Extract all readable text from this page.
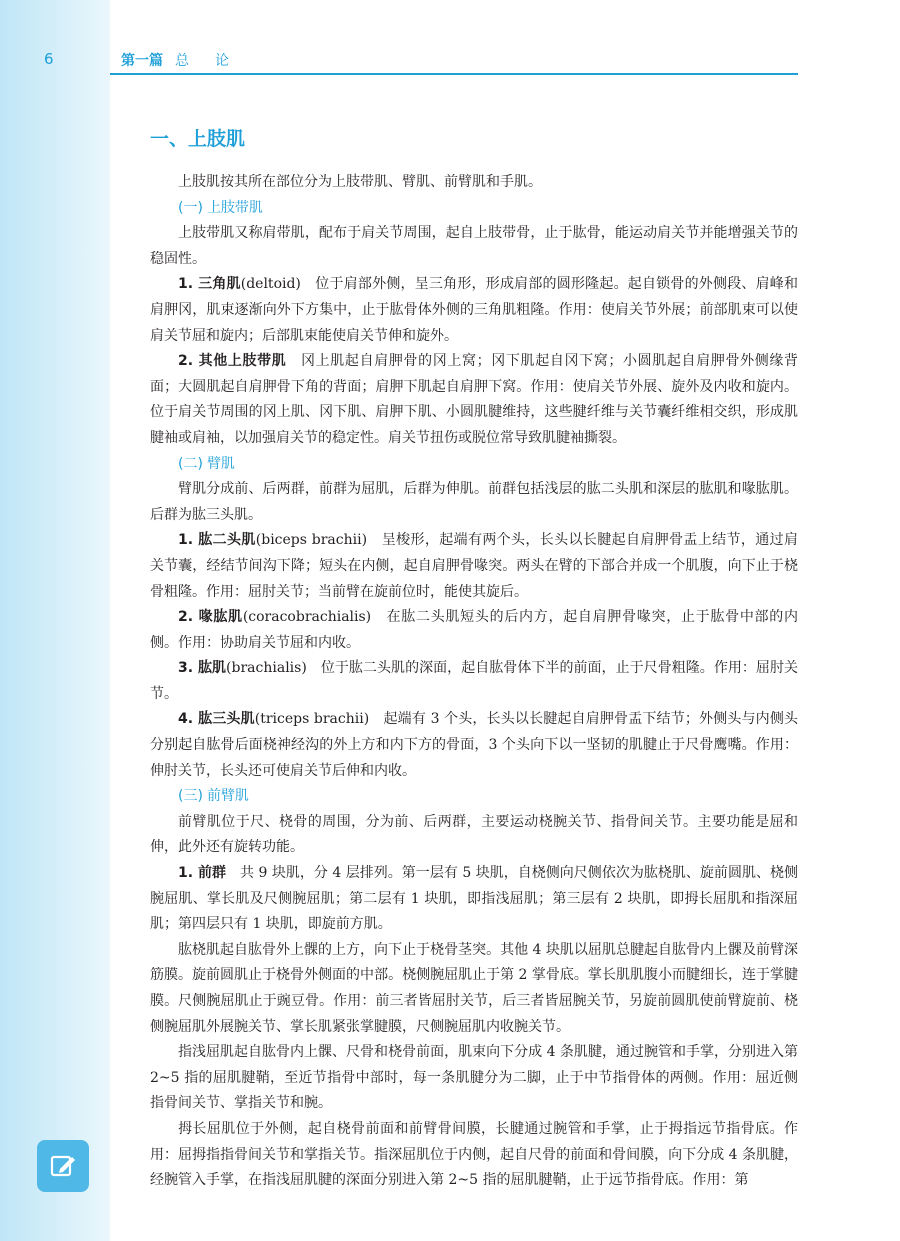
6	第一篇 总论
一、上肢肌

上肢肌按其所在部位分为上肢带肌、臂肌、前臂肌和手肌。

(一) 上肢带肌

上肢带肌又称肩带肌，配布于肩关节周围，起自上肢带骨，止于肱骨，能运动肩关节并能增强关节的稳固性。

1. 三角肌(deltoid)　位于肩部外侧，呈三角形，形成肩部的圆形隆起。起自锁骨的外侧段、肩峰和肩胛冈，肌束逐渐向外下方集中，止于肱骨体外侧的三角肌粗隆。作用：使肩关节外展；前部肌束可以使肩关节屈和旋内；后部肌束能使肩关节伸和旋外。

2. 其他上肢带肌　冈上肌起自肩胛骨的冈上窝；冈下肌起自冈下窝；小圆肌起自肩胛骨外侧缘背面；大圆肌起自肩胛骨下角的背面；肩胛下肌起自肩胛下窝。作用：使肩关节外展、旋外及内收和旋内。位于肩关节周围的冈上肌、冈下肌、肩胛下肌、小圆肌腱维持，这些腱纤维与关节囊纤维相交织，形成肌腱袖或肩袖，以加强肩关节的稳定性。肩关节扭伤或脱位常导致肌腱袖撕裂。

(二) 臂肌

臂肌分成前、后两群，前群为屈肌，后群为伸肌。前群包括浅层的肱二头肌和深层的肱肌和喙肱肌。后群为肱三头肌。

1. 肱二头肌(biceps brachii)　呈梭形，起端有两个头，长头以长腱起自肩胛骨盂上结节，通过肩关节囊，经结节间沟下降；短头在内侧，起自肩胛骨喙突。两头在臂的下部合并成一个肌腹，向下止于桡骨粗隆。作用：屈肘关节；当前臂在旋前位时，能使其旋后。

2. 喙肱肌(coracobrachialis)　在肱二头肌短头的后内方，起自肩胛骨喙突，止于肱骨中部的内侧。作用：协助肩关节屈和内收。

3. 肱肌(brachialis)　位于肱二头肌的深面，起自肱骨体下半的前面，止于尺骨粗隆。作用：屈肘关节。

4. 肱三头肌(triceps brachii)　起端有 3 个头，长头以长腱起自肩胛骨盂下结节；外侧头与内侧头分别起自肱骨后面桡神经沟的外上方和内下方的骨面，3 个头向下以一坚韧的肌腱止于尺骨鹰嘴。作用：伸肘关节，长头还可使肩关节后伸和内收。

(三) 前臂肌

前臂肌位于尺、桡骨的周围，分为前、后两群，主要运动桡腕关节、指骨间关节。主要功能是屈和伸，此外还有旋转功能。

1. 前群　共 9 块肌，分 4 层排列。第一层有 5 块肌，自桡侧向尺侧依次为肱桡肌、旋前圆肌、桡侧腕屈肌、掌长肌及尺侧腕屈肌；第二层有 1 块肌，即指浅屈肌；第三层有 2 块肌，即拇长屈肌和指深屈肌；第四层只有 1 块肌，即旋前方肌。

肱桡肌起自肱骨外上髁的上方，向下止于桡骨茎突。其他 4 块肌以屈肌总腱起自肱骨内上髁及前臂深筋膜。旋前圆肌止于桡骨外侧面的中部。桡侧腕屈肌止于第 2 掌骨底。掌长肌肌腹小而腱细长，连于掌腱膜。尺侧腕屈肌止于豌豆骨。作用：前三者皆屈肘关节，后三者皆屈腕关节，另旋前圆肌使前臂旋前、桡侧腕屈肌外展腕关节、掌长肌紧张掌腱膜，尺侧腕屈肌内收腕关节。

指浅屈肌起自肱骨内上髁、尺骨和桡骨前面，肌束向下分成 4 条肌腱，通过腕管和手掌，分别进入第 2~5 指的屈肌腱鞘，至近节指骨中部时，每一条肌腱分为二脚，止于中节指骨体的两侧。作用：屈近侧指骨间关节、掌指关节和腕。

拇长屈肌位于外侧，起自桡骨前面和前臂骨间膜，长腱通过腕管和手掌，止于拇指远节指骨底。作用：屈拇指指骨间关节和掌指关节。指深屈肌位于内侧，起自尺骨的前面和骨间膜，向下分成 4 条肌腱，经腕管入手掌，在指浅屈肌腱的深面分别进入第 2~5 指的屈肌腱鞘，止于远节指骨底。作用：第
